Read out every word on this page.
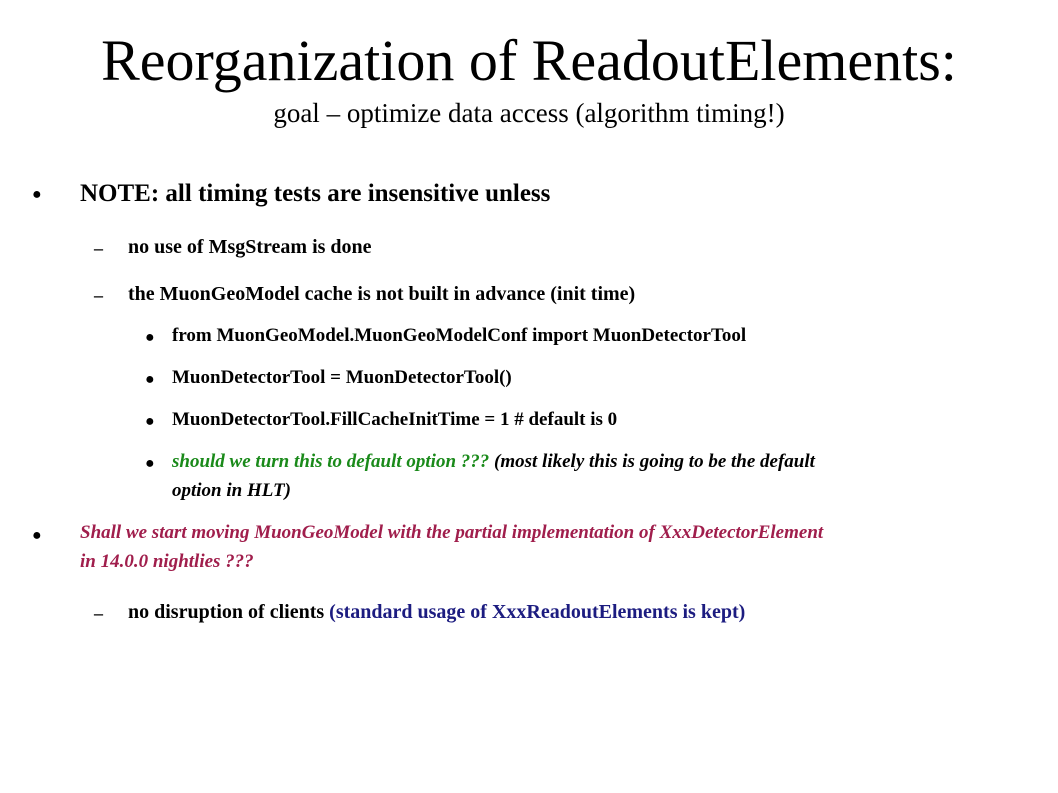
Reorganization of ReadoutElements:
goal – optimize data access (algorithm timing!)
● NOTE: all timing tests are insensitive unless
– no use of MsgStream is done
– the MuonGeoModel cache is not built in advance (init time)
● from MuonGeoModel.MuonGeoModelConf import MuonDetectorTool
● MuonDetectorTool = MuonDetectorTool()
● MuonDetectorTool.FillCacheInitTime = 1 # default is 0
● should we turn this to default option ??? (most likely this is going to be the default
option in HLT)
● Shall we start moving MuonGeoModel with the partial implementation of XxxDetectorElement
in 14.0.0 nightlies ???
– no disruption of clients (standard usage of XxxReadoutElements is kept)
